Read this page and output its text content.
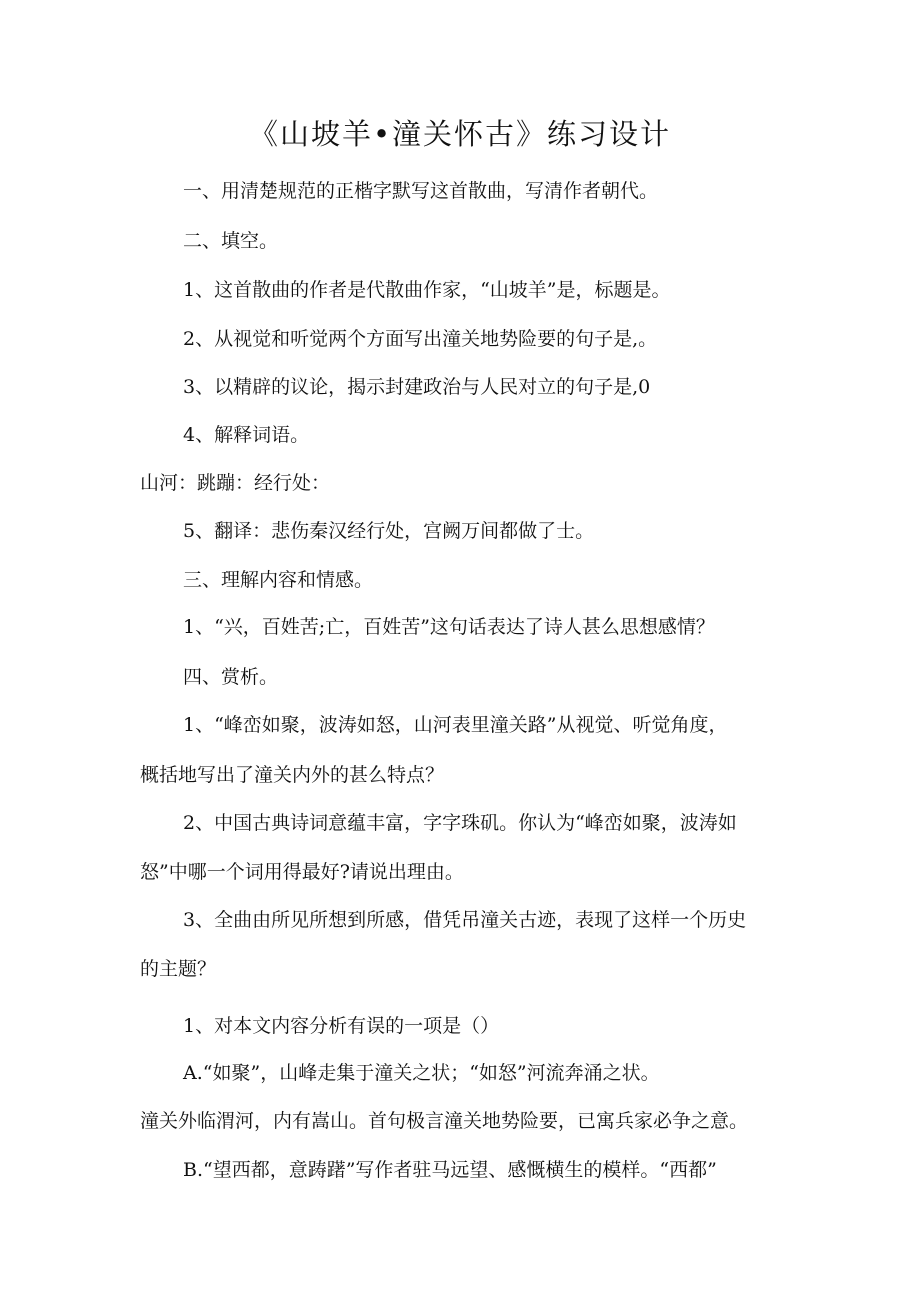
《山坡羊•潼关怀古》练习设计

一、用清楚规范的正楷字默写这首散曲，写清作者朝代。

二、填空。

1、这首散曲的作者是代散曲作家，“山坡羊”是，标题是。

2、从视觉和听觉两个方面写出潼关地势险要的句子是,。

3、以精辟的议论，揭示封建政治与人民对立的句子是,0

4、解释词语。

山河：跳蹦：经行处：

5、翻译：悲伤秦汉经行处，宫阙万间都做了士。

三、理解内容和情感。

1、“兴，百姓苦;亡，百姓苦”这句话表达了诗人甚么思想感情？

四、赏析。

1、“峰峦如聚，波涛如怒，山河表里潼关路”从视觉、听觉角度，

概括地写出了潼关内外的甚么特点？

2、中国古典诗词意蕴丰富，字字珠矶。你认为“峰峦如聚，波涛如

怒”中哪一个词用得最好?请说出理由。

3、全曲由所见所想到所感，借凭吊潼关古迹，表现了这样一个历史

的主题？

1、对本文内容分析有误的一项是（）

A.“如聚”，山峰走集于潼关之状；“如怒”河流奔涌之状。

潼关外临渭河，内有嵩山。首句极言潼关地势险要，已寓兵家必争之意。

B.“望西都，意踌躇”写作者驻马远望、感慨横生的模样。“西都”
